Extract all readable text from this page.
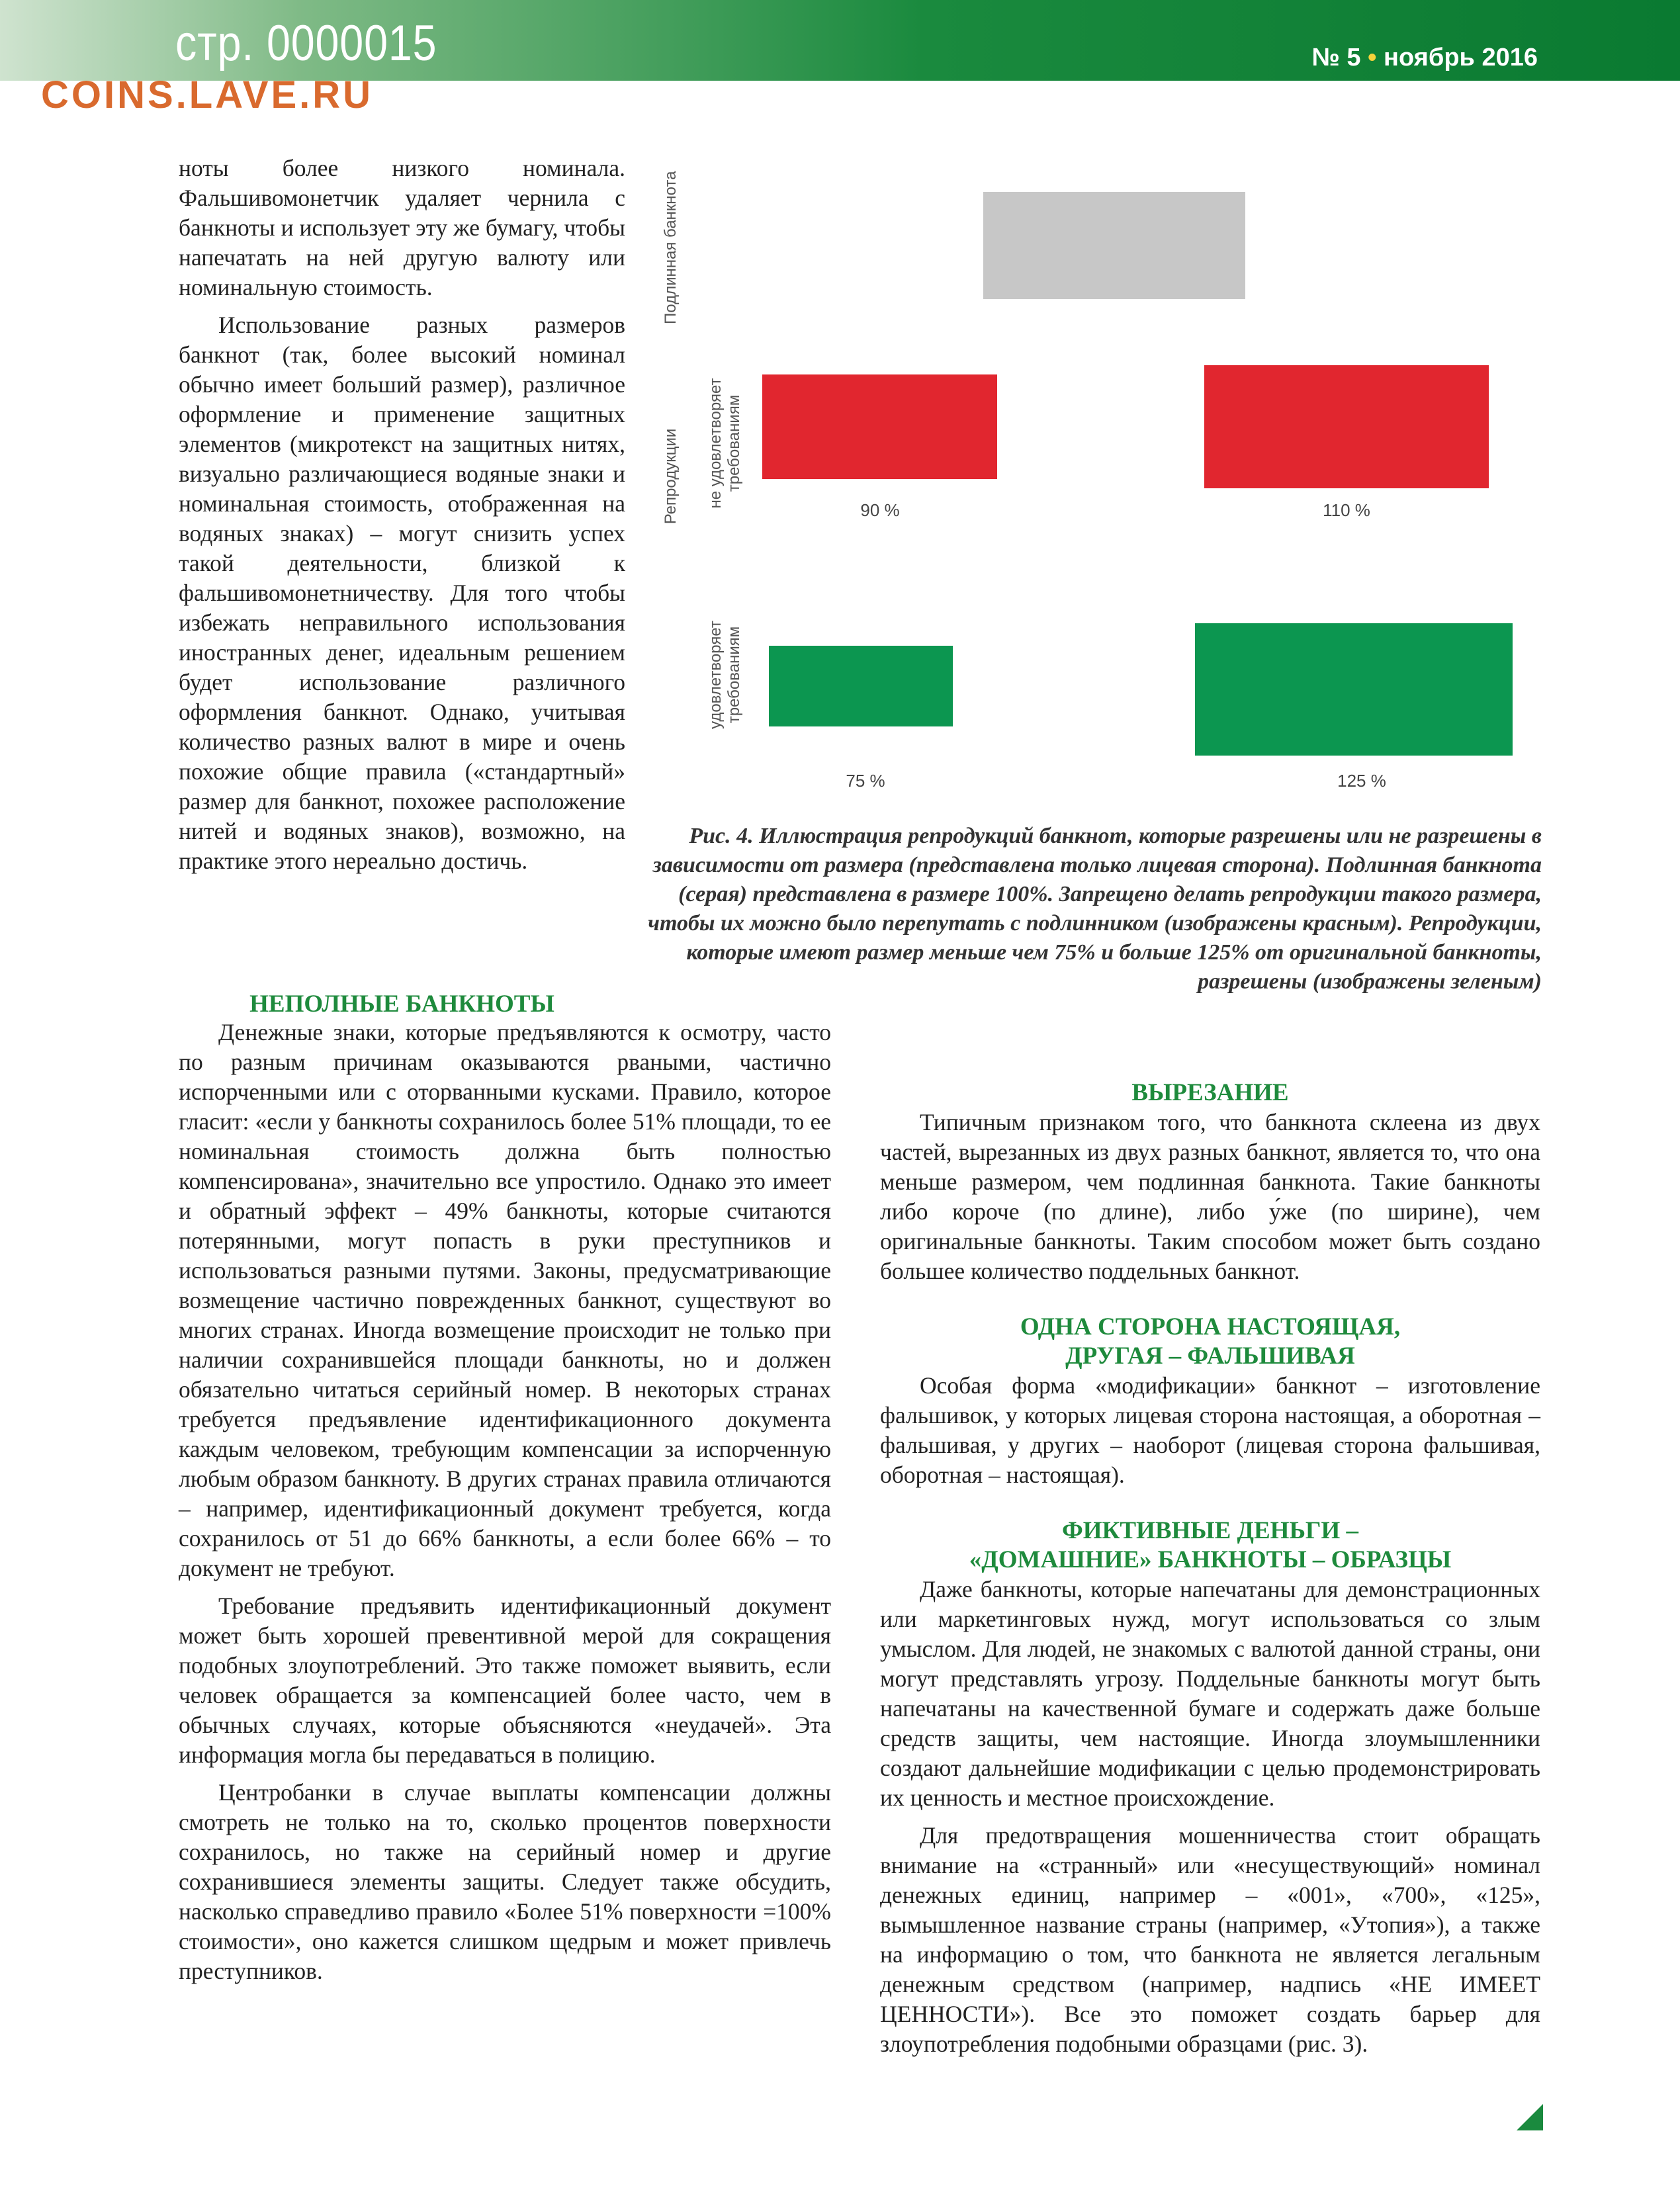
стр. 0000015	№ 5 • ноябрь 2016
COINS.LAVE.RU

ноты более низкого номинала. Фальшивомонетчик удаляет чернила с банкноты и использует эту же бумагу, чтобы напечатать на ней другую валюту или номинальную стоимость.

Использование разных размеров банкнот (так, более высокий номинал обычно имеет больший размер), различное оформление и применение защитных элементов (микротекст на защитных нитях, визуально различающиеся водяные знаки и номинальная стоимость, отображенная на водяных знаках) – могут снизить успех такой деятельности, близкой к фальшивомонетничеству. Для того чтобы избежать неправильного использования иностранных денег, идеальным решением будет использование различного оформления банкнот. Однако, учитывая количество разных валют в мире и очень похожие общие правила («стандартный» размер для банкнот, похожее расположение нитей и водяных знаков), возможно, на практике этого нереально достичь.

Подлинная банкнота
Репродукции не удовлетворяет требованиям
удовлетворяет требованиям
90 %	110 %
75 %	125 %
Рис. 4. Иллюстрация репродукций банкнот, которые разрешены или не разрешены в зависимости от размера (представлена только лицевая сторона). Подлинная банкнота (серая) представлена в размере 100%. Запрещено делать репродукции такого размера, чтобы их можно было перепутать с подлинником (изображены красным). Репродукции, которые имеют размер меньше чем 75% и больше 125% от оригинальной банкноты, разрешены (изображены зеленым)
НЕПОЛНЫЕ БАНКНОТЫ

Денежные знаки, которые предъявляются к осмотру, часто по разным причинам оказываются рваными, частично испорченными или с оторванными кусками. Правило, которое гласит: «если у банкноты сохранилось более 51% площади, то ее номинальная стоимость должна быть полностью компенсирована», значительно все упростило. Однако это имеет и обратный эффект – 49% банкноты, которые считаются потерянными, могут попасть в руки преступников и использоваться разными путями. Законы, предусматривающие возмещение частично поврежденных банкнот, существуют во многих странах. Иногда возмещение происходит не только при наличии сохранившейся площади банкноты, но и должен обязательно читаться серийный номер. В некоторых странах требуется предъявление идентификационного документа каждым человеком, требующим компенсации за испорченную любым образом банкноту. В других странах правила отличаются – например, идентификационный документ требуется, когда сохранилось от 51 до 66% банкноты, а если более 66% – то документ не требуют.

Требование предъявить идентификационный документ может быть хорошей превентивной мерой для сокращения подобных злоупотреблений. Это также поможет выявить, если человек обращается за компенсацией более часто, чем в обычных случаях, которые объясняются «неудачей». Эта информация могла бы передаваться в полицию.

Центробанки в случае выплаты компенсации должны смотреть не только на то, сколько процентов поверхности сохранилось, но также на серийный номер и другие сохранившиеся элементы защиты. Следует также обсудить, насколько справедливо правило «Более 51% поверхности =100% стоимости», оно кажется слишком щедрым и может привлечь преступников.

ВЫРЕЗАНИЕ

Типичным признаком того, что банкнота склеена из двух частей, вырезанных из двух разных банкнот, является то, что она меньше размером, чем подлинная банкнота. Такие банкноты либо короче (по длине), либо у́же (по ширине), чем оригинальные банкноты. Таким способом может быть создано большее количество поддельных банкнот.

ОДНА СТОРОНА НАСТОЯЩАЯ,
ДРУГАЯ – ФАЛЬШИВАЯ

Особая форма «модификации» банкнот – изготовление фальшивок, у которых лицевая сторона настоящая, а оборотная – фальшивая, у других – наоборот (лицевая сторона фальшивая, оборотная – настоящая).

ФИКТИВНЫЕ ДЕНЬГИ –
«ДОМАШНИЕ» БАНКНОТЫ – ОБРАЗЦЫ

Даже банкноты, которые напечатаны для демонстрационных или маркетинговых нужд, могут использоваться со злым умыслом. Для людей, не знакомых с валютой данной страны, они могут представлять угрозу. Поддельные банкноты могут быть напечатаны на качественной бумаге и содержать даже больше средств защиты, чем настоящие. Иногда злоумышленники создают дальнейшие модификации с целью продемонстрировать их ценность и местное происхождение.

Для предотвращения мошенничества стоит обращать внимание на «странный» или «несуществующий» номинал денежных единиц, например – «001», «700», «125», вымышленное название страны (например, «Утопия»), а также на информацию о том, что банкнота не является легальным денежным средством (например, надпись «НЕ ИМЕЕТ ЦЕННОСТИ»). Все это поможет создать барьер для злоупотребления подобными образцами (рис. 3).
